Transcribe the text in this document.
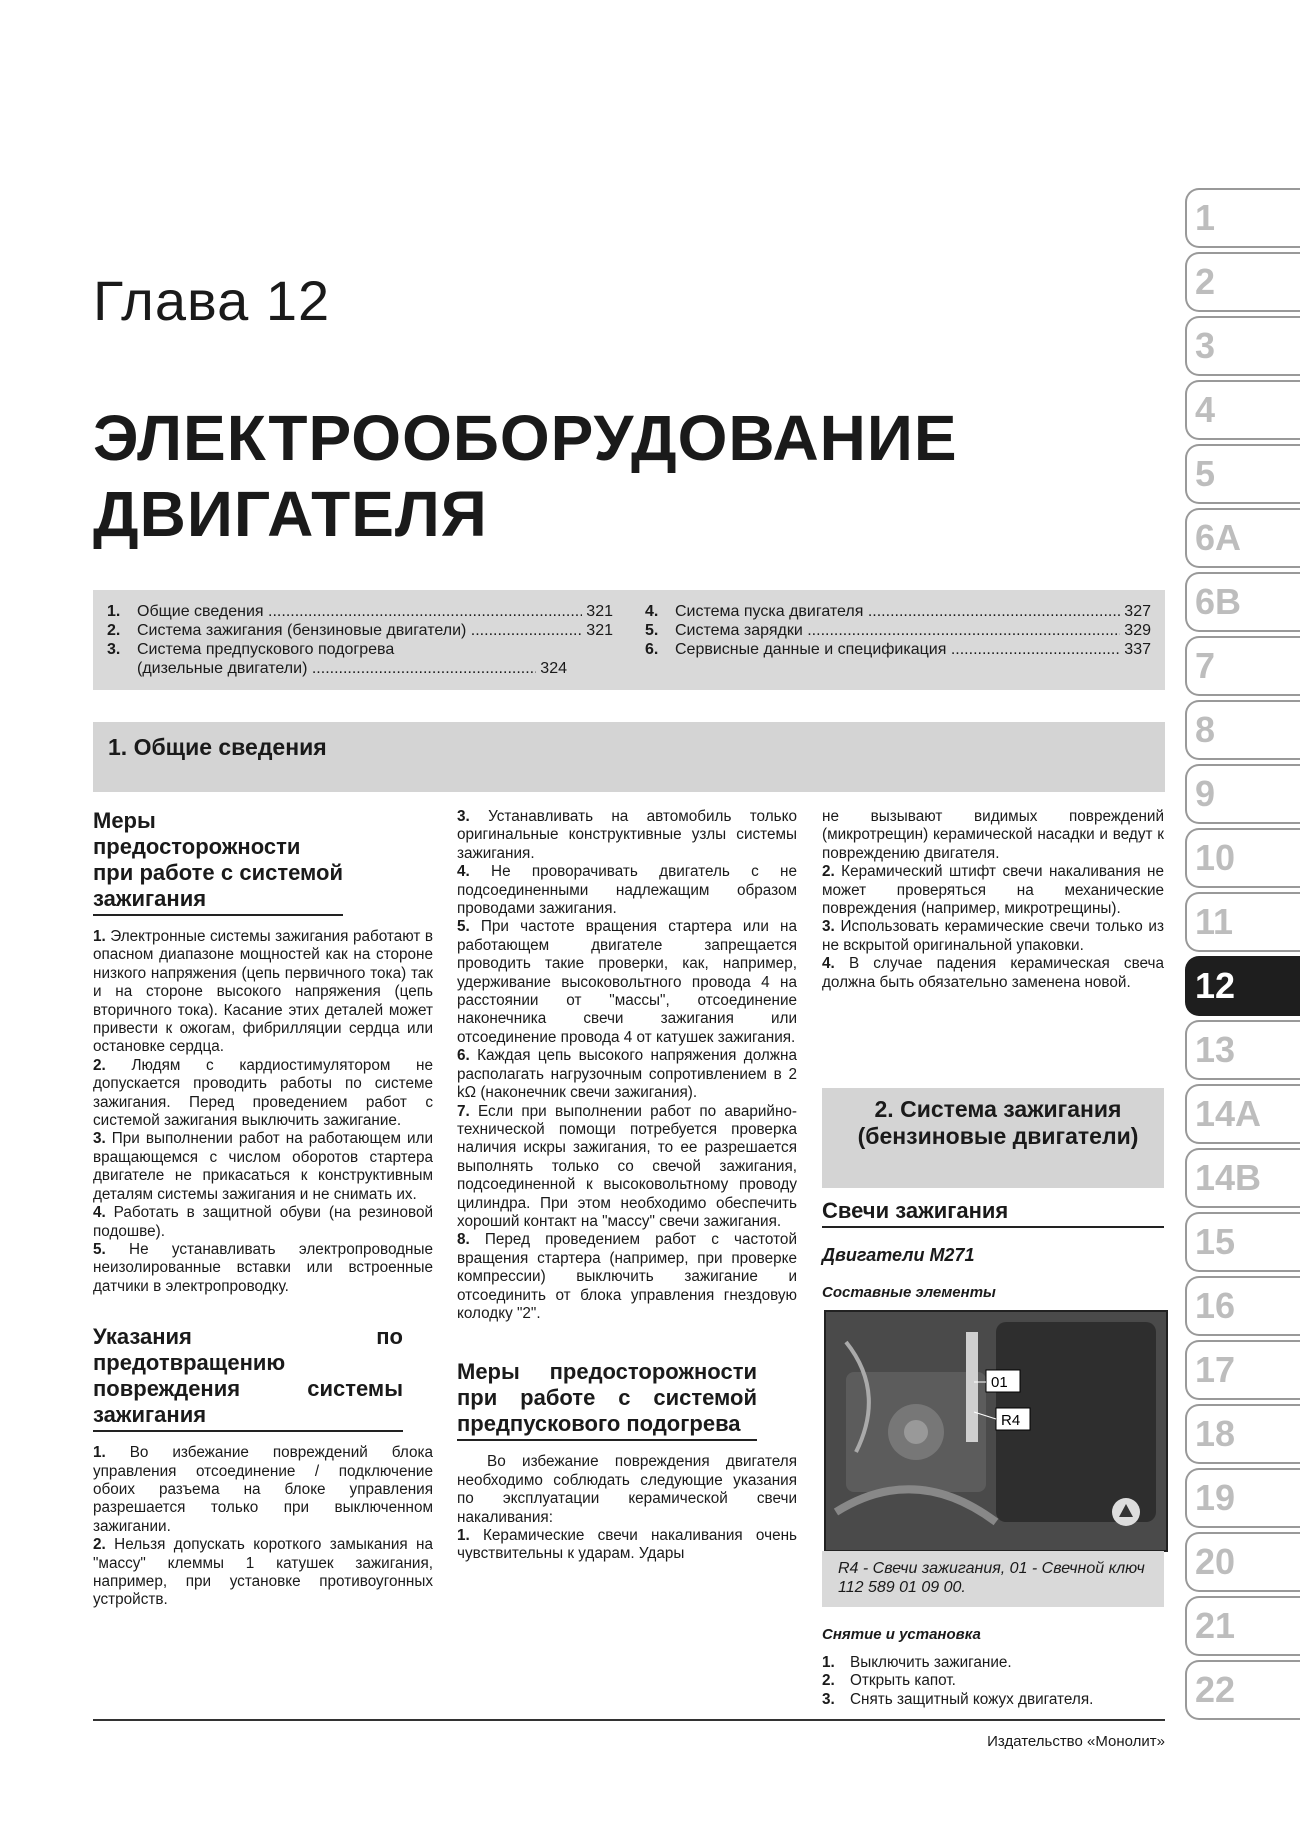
Глава 12
ЭЛЕКТРООБОРУДОВАНИЕ
ДВИГАТЕЛЯ
1.	Общие сведения .....	321
2.	Система зажигания (бензиновые двигатели) .....	321
3.	Система предпускового подогрева
(дизельные двигатели) .....	324
4.	Система пуска двигателя .....	327
5.	Система зарядки .....	329
6.	Сервисные данные и спецификация .....	337
1. Общие сведения
Меры предосторожности при работе с системой зажигания

1. Электронные системы зажигания работают в опасном диапазоне мощностей как на стороне низкого напряжения (цепь первичного тока) так и на стороне высокого напряжения (цепь вторичного тока). Касание этих деталей может привести к ожогам, фибрилляции сердца или остановке сердца.

2. Людям с кардиостимулятором не допускается проводить работы по системе зажигания. Перед проведением работ с системой зажигания выключить зажигание.

3. При выполнении работ на работающем или вращающемся с числом оборотов стартера двигателе не прикасаться к конструктивным деталям системы зажигания и не снимать их.

4. Работать в защитной обуви (на резиновой подошве).

5. Не устанавливать электропроводные неизолированные вставки или встроенные датчики в электропроводку.

Указания по предотвращению повреждения системы зажигания

1. Во избежание повреждений блока управления отсоединение / подключение обоих разъема на блоке управления разрешается только при выключенном зажигании.

2. Нельзя допускать короткого замыкания на "массу" клеммы 1 катушек зажигания, например, при установке противоугонных устройств.

3. Устанавливать на автомобиль только оригинальные конструктивные узлы системы зажигания.

4. Не проворачивать двигатель с не подсоединенными надлежащим образом проводами зажигания.

5. При частоте вращения стартера или на работающем двигателе запрещается проводить такие проверки, как, например, удерживание высоковольтного провода 4 на расстоянии от "массы", отсоединение наконечника свечи зажигания или отсоединение провода 4 от катушек зажигания.

6. Каждая цепь высокого напряжения должна располагать нагрузочным сопротивлением в 2 kΩ (наконечник свечи зажигания).

7. Если при выполнении работ по аварийно-технической помощи потребуется проверка наличия искры зажигания, то ее разрешается выполнять только со свечой зажигания, подсоединенной к высоковольтному проводу цилиндра. При этом необходимо обеспечить хороший контакт на "массу" свечи зажигания.

8. Перед проведением работ с частотой вращения стартера (например, при проверке компрессии) выключить зажигание и отсоединить от блока управления гнездовую колодку "2".

Меры предосторожности при работе с системой предпускового подогрева

Во избежание повреждения двигателя необходимо соблюдать следующие указания по эксплуатации керамической свечи накаливания:

1. Керамические свечи накаливания очень чувствительны к ударам. Удары

не вызывают видимых повреждений (микротрещин) керамической насадки и ведут к повреждению двигателя.

2. Керамический штифт свечи накаливания не может проверяться на механические повреждения (например, микротрещины).

3. Использовать керамические свечи только из не вскрытой оригинальной упаковки.

4. В случае падения керамическая свеча должна быть обязательно заменена новой.

2. Система зажигания (бензиновые двигатели)
Свечи зажигания
Двигатели М271
Составные элементы
01
R4
R4 - Свечи зажигания, 01 - Свечной ключ 112 589 01 09 00.
Снятие и установка
1. Выключить зажигание.
2. Открыть капот.
3. Снять защитный кожух двигателя.
Издательство «Монолит»
1
2
3
4
5
6A
6B
7
8
9
10
11
12
13
14A
14B
15
16
17
18
19
20
21
22
